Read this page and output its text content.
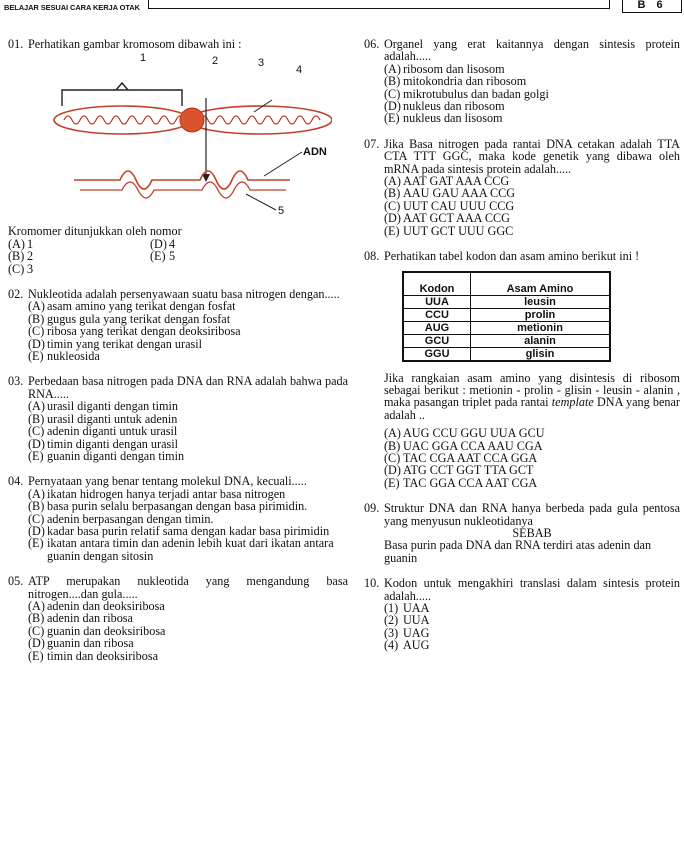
BELAJAR SESUAI CARA KERJA OTAK	B 6
01. Perhatikan gambar kromosom dibawah ini :
1	2	3
4
ADN
5
Kromomer ditunjukkan oleh nomor
(A) 1	(D) 4
(B) 2	(E) 5
(C) 3
02. Nukleotida adalah persenyawaan suatu basa nitrogen dengan.....
(A) asam amino yang terikat dengan fosfat
(B) gugus gula yang terikat dengan fosfat
(C) ribosa yang terikat dengan deoksiribosa
(D) timin yang terikat dengan urasil
(E) nukleosida
03. Perbedaan basa nitrogen pada DNA dan RNA adalah bahwa pada RNA.....
(A) urasil diganti dengan timin
(B) urasil diganti untuk adenin
(C) adenin diganti untuk urasil
(D) timin diganti dengan urasil
(E) guanin diganti dengan timin
04. Pernyataan yang benar tentang molekul DNA, kecuali.....
(A) ikatan hidrogen hanya terjadi antar basa nitrogen
(B) basa purin selalu berpasangan dengan basa pirimidin.
(C) adenin berpasangan dengan timin.
(D) kadar basa purin relatif sama dengan kadar basa pirimidin
(E) ikatan antara timin dan adenin lebih kuat dari ikatan antara guanin dengan sitosin
05. ATP merupakan nukleotida yang mengandung basa nitrogen....dan gula.....
(A) adenin dan deoksiribosa
(B) adenin dan ribosa
(C) guanin dan deoksiribosa
(D) guanin dan ribosa
(E) timin dan deoksiribosa
06. Organel yang erat kaitannya dengan sintesis protein adalah.....
(A) ribosom dan lisosom
(B) mitokondria dan ribosom
(C) mikrotubulus dan badan golgi
(D) nukleus dan ribosom
(E) nukleus dan lisosom
07. Jika Basa nitrogen pada rantai DNA cetakan adalah TTA CTA TTT GGC, maka kode genetik yang dibawa oleh mRNA pada sintesis protein adalah.....
(A) AAT GAT AAA CCG
(B) AAU GAU AAA CCG
(C) UUT CAU UUU CCG
(D) AAT GCT AAA CCG
(E) UUT GCT UUU GGC
08. Perhatikan tabel kodon dan asam amino berikut ini !
Kodon	Asam Amino
UUA	leusin
CCU	prolin
AUG	metionin
GCU	alanin
GGU	glisin
Jika rangkaian asam amino yang disintesis di ribosom sebagai berikut : metionin - prolin - glisin - leusin - alanin , maka pasangan triplet pada rantai template DNA yang benar adalah ..
(A) AUG CCU GGU UUA GCU
(B) UAC GGA CCA AAU CGA
(C) TAC CGA AAT CCA GGA
(D) ATG CCT GGT TTA GCT
(E) TAC GGA CCA AAT CGA
09. Struktur DNA dan RNA hanya berbeda pada gula pentosa yang menyusun nukleotidanya
SEBAB
Basa purin pada DNA dan RNA terdiri atas adenin dan guanin
10. Kodon untuk mengakhiri translasi dalam sintesis protein adalah.....
(1) UAA
(2) UUA
(3) UAG
(4) AUG
